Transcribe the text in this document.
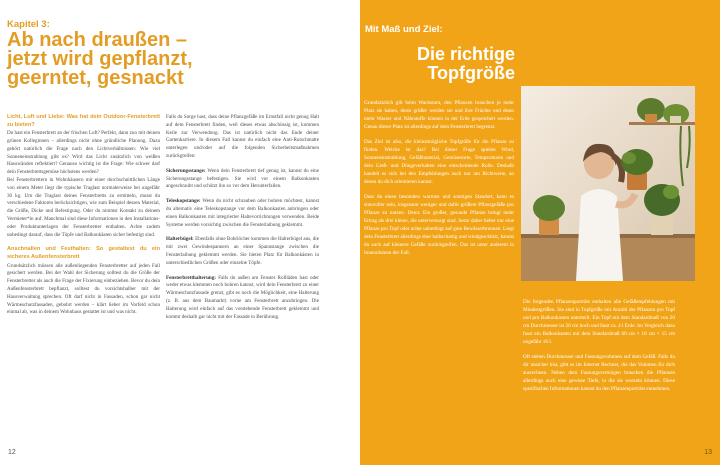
Kapitel 3:
Ab nach draußen –
jetzt wird gepflanzt,
geerntet, gesnackt
Licht, Luft und Liebe: Was hat dein Outdoor-Fensterbrett zu bieten?

Du hast ein Fensterbrett an der frischen Luft? Perfekt, dann zuo mit deinen grünen Kolleginnen – allerdings nicht ohne gründliche Planung. Dazu gehört natürlich die Frage nach den Lichtverhältnissen: Wie viel Sonneneinstrahlung gibt es? Wird das Licht zusätzlich von weißen Hauswänden reflektiert? Genauso wichtig ist die Frage: Wie schwer darf dein Fensterbrettsgemüse höchstens werden?

Bei Fensterbrettern in Wohnhäusern mit einer durchschnittlichen Länge von einem Meter liegt die typische Traglast normalerweise bei ungefähr 30 kg. Um die Traglast deines Fensterbretts zu ermitteln, musst du verschiedene Faktoren berücksichtigen, wie zum Beispiel dessen Material, die Größe, Dicke und Befestigung. Oder du nimmst Kontakt zu deinem Vermieter*in auf. Manchmal sind diese Informationen in den Installations- oder Produktunterlagen der Fensterbretter enthalten. Achte zudem unbedingt darauf, dass die Töpfe und Balkonkästen sicher befestigt sind.

Anschnallen und Festhalten: So gestaltest du ein sicheres Außenfensterbrett

Grundsätzlich müssen alle außenliegenden Fensterbretter auf jeden Fall gesichert werden. Bei der Wahl der Sicherung solltest du die Größe der Fensterbretter als auch die Frage der Fixierung einbeziehen. Bevor du dein Außenfensterbrett bepflanzt, solltest du vorsichtshalber mit der Hausverwaltung sprechen. Oft darf nicht in Fassaden, schon gar nicht Wärmeschutzfassaden, gebohrt werden – klärt lieber im Vorfeld schon einmal ab, was in deinem Wohnhaus gestattet ist und was nicht.

Falls du Sorge hast, dass deine Pflanzgefäße im Ernstfall nicht genug Halt auf dem Fensterbrett finden, weil dieses etwas abschüssig ist, kommen Keile zur Verwendung. Das ist natürlich nicht das Ende deiner Gartenkarriere. In diesem Fall kannst du einfach eine Anti-Rutschmatte unterlegen und/oder auf die folgenden Sicherheitsmaßnahmen zurückgreifen:

Sicherungsstange: Wenn dein Fensterbrett tief genug ist, kannst du eine Sicherungsstange befestigen. Sie wird vor einem Balkonkasten angeschraubt und schützt ihn so vor dem Herunterfallen.

Teleskopstange: Wenn du nicht schrauben oder bohren möchtest, kannst du alternativ eine Teleskopstange vor dem Balkonkasten anbringen oder einen Balkonkasten mit integrierter Haltevorrichtungen verwenden. Beide Systeme werden vorsichtig zwischen die Fensterlaibung geklemmt.

Halterbügel: Ebenfalls ohne Bohrlöcher kommen die Halterbügel aus, die mit zwei Gewindespannern an einer Spannstange zwischen die Fensterlaibung geklemmt werden. Sie bieten Platz für Balkonkästen in unterschiedlichen Größen oder einzelne Töpfe.

Fensterbretthalterung: Falls du außen am Fenster Rollläden hast oder weder etwas klemmen noch bohren kannst, wird dein Fensterbrett zu einer Wärmeschutzfassade grenzt, gibt es noch die Möglichkeit, eine Halterung (z. B. aus dem Baumarkt) vorne am Fensterbrett anzubringen. Die Halterung wird einfach auf das vorstehende Fensterbrett geklemmt und kommt deshalb gar nicht mit der Fassade in Berührung.

12
Mit Maß und Ziel:
Die richtige
Topfgröße

Grundsätzlich gilt beim Wachstum, den Pflanzen brauchen je mehr Platz sie haben, desto größer werden sie und ihre Früchte und desto mehr Wasser und Nährstoffe können in der Erde gespeichert werden. Genau dieser Platz ist allerdings auf dem Fensterbrett begrenzt.

Das Ziel ist also, die kleinstmögliche Topfgröße für die Pflanze zu finden. Welche ist das? Bei dieser Frage spielen Wind, Sonneneinstrahlung, Gefäßmaterial, Gemüsesorte, Temperaturen und dein Gieß- und Düngeverhalten eine entscheidende Rolle. Deshalb handelt es sich bei den Empfehlungen auch nur um Richtwerte, an denen du dich orientieren kannst.

Dass du einen besonders warmen und sonnigen Standort, kann es sinnvoller sein, insgesamt weniger und dafür größere Pflanzgefäße pro Pflanze zu nutzen. Denn: Ein großer, gesunde Pflanze bringt mehr Ertrag als drei kleine, die unterversorgt sind. Setze daher lieber nur eine Pflanze pro Topf oder achte unbedingt auf gute Bewässerbrunnen. Liegt dein Fensterbrett allerdings eher halbschattig und windgeschützt, kannst du auch auf kleinere Gefäße zurückgreifen. Das ist unter anderem in Innenräumen der Fall.

Die folgenden Pflanzenporträts enthalten alle Gefäßempfehlungen mit Mindestgrößen. Sie sind in Topfgröße mit Anzahl der Pflanzen pro Topf und pro Balkonkasten unterteilt. Ein Topf mit dem Standardmaß von 20 cm Durchmesser ist 20 cm hoch und fasst ca. 4 l Erde. Im Vergleich dazu fasst ein Balkonkasten mit dem Standardmaß 60 cm × 18 cm × 15 cm ungefähr 16 l.

Oft stehen Durchmesser und Fassungsvolumen auf dem Gefäß. Falls du dir unsicher bist, gibt es im Internet Rechner, die das Volumen für dich ausrechnen. Neben dem Fassungsvermögen brauchen die Pflanzen allerdings auch eine gewisse Tiefe, in die sie wurzeln können. Diese spezifischen Informationen kannst du den Pflanzenporträts entnehmen.

13
